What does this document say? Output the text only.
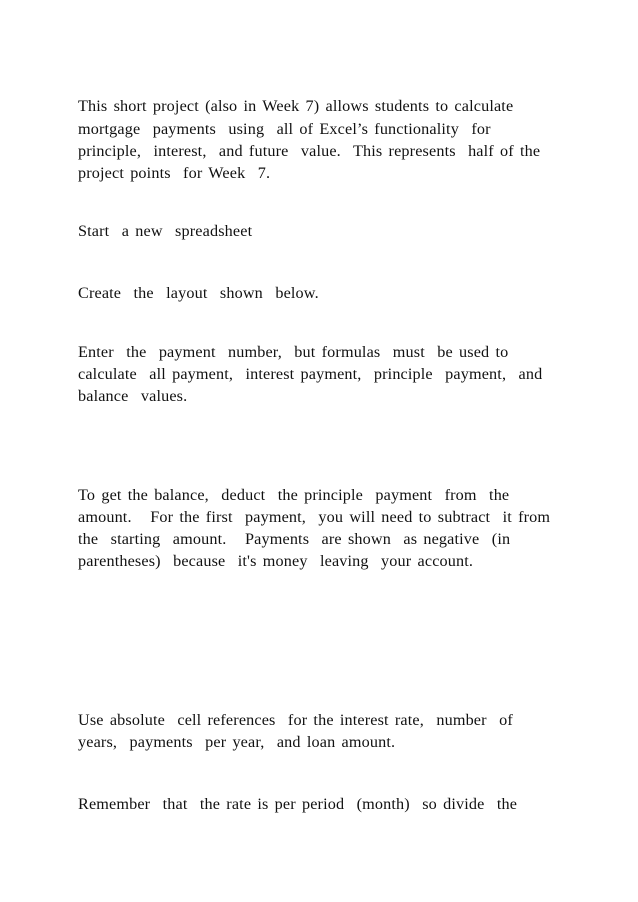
This short project (also in Week 7) allows students to calculate

mortgage  payments  using  all of Excel’s functionality  for

principle,  interest,  and future  value.  This represents  half of the

project points  for Week  7.

Start  a new  spreadsheet

Create  the  layout  shown  below.

Enter  the  payment  number,  but formulas  must  be used to

calculate  all payment,  interest payment,  principle  payment,  and

balance  values.

To get the balance,  deduct  the principle  payment  from  the

amount.   For the first  payment,  you will need to subtract  it from

the  starting  amount.   Payments  are shown  as negative  (in

parentheses)  because  it's money  leaving  your account.

Use absolute  cell references  for the interest rate,  number  of

years,  payments  per year,  and loan amount.

Remember  that  the rate is per period  (month)  so divide  the
